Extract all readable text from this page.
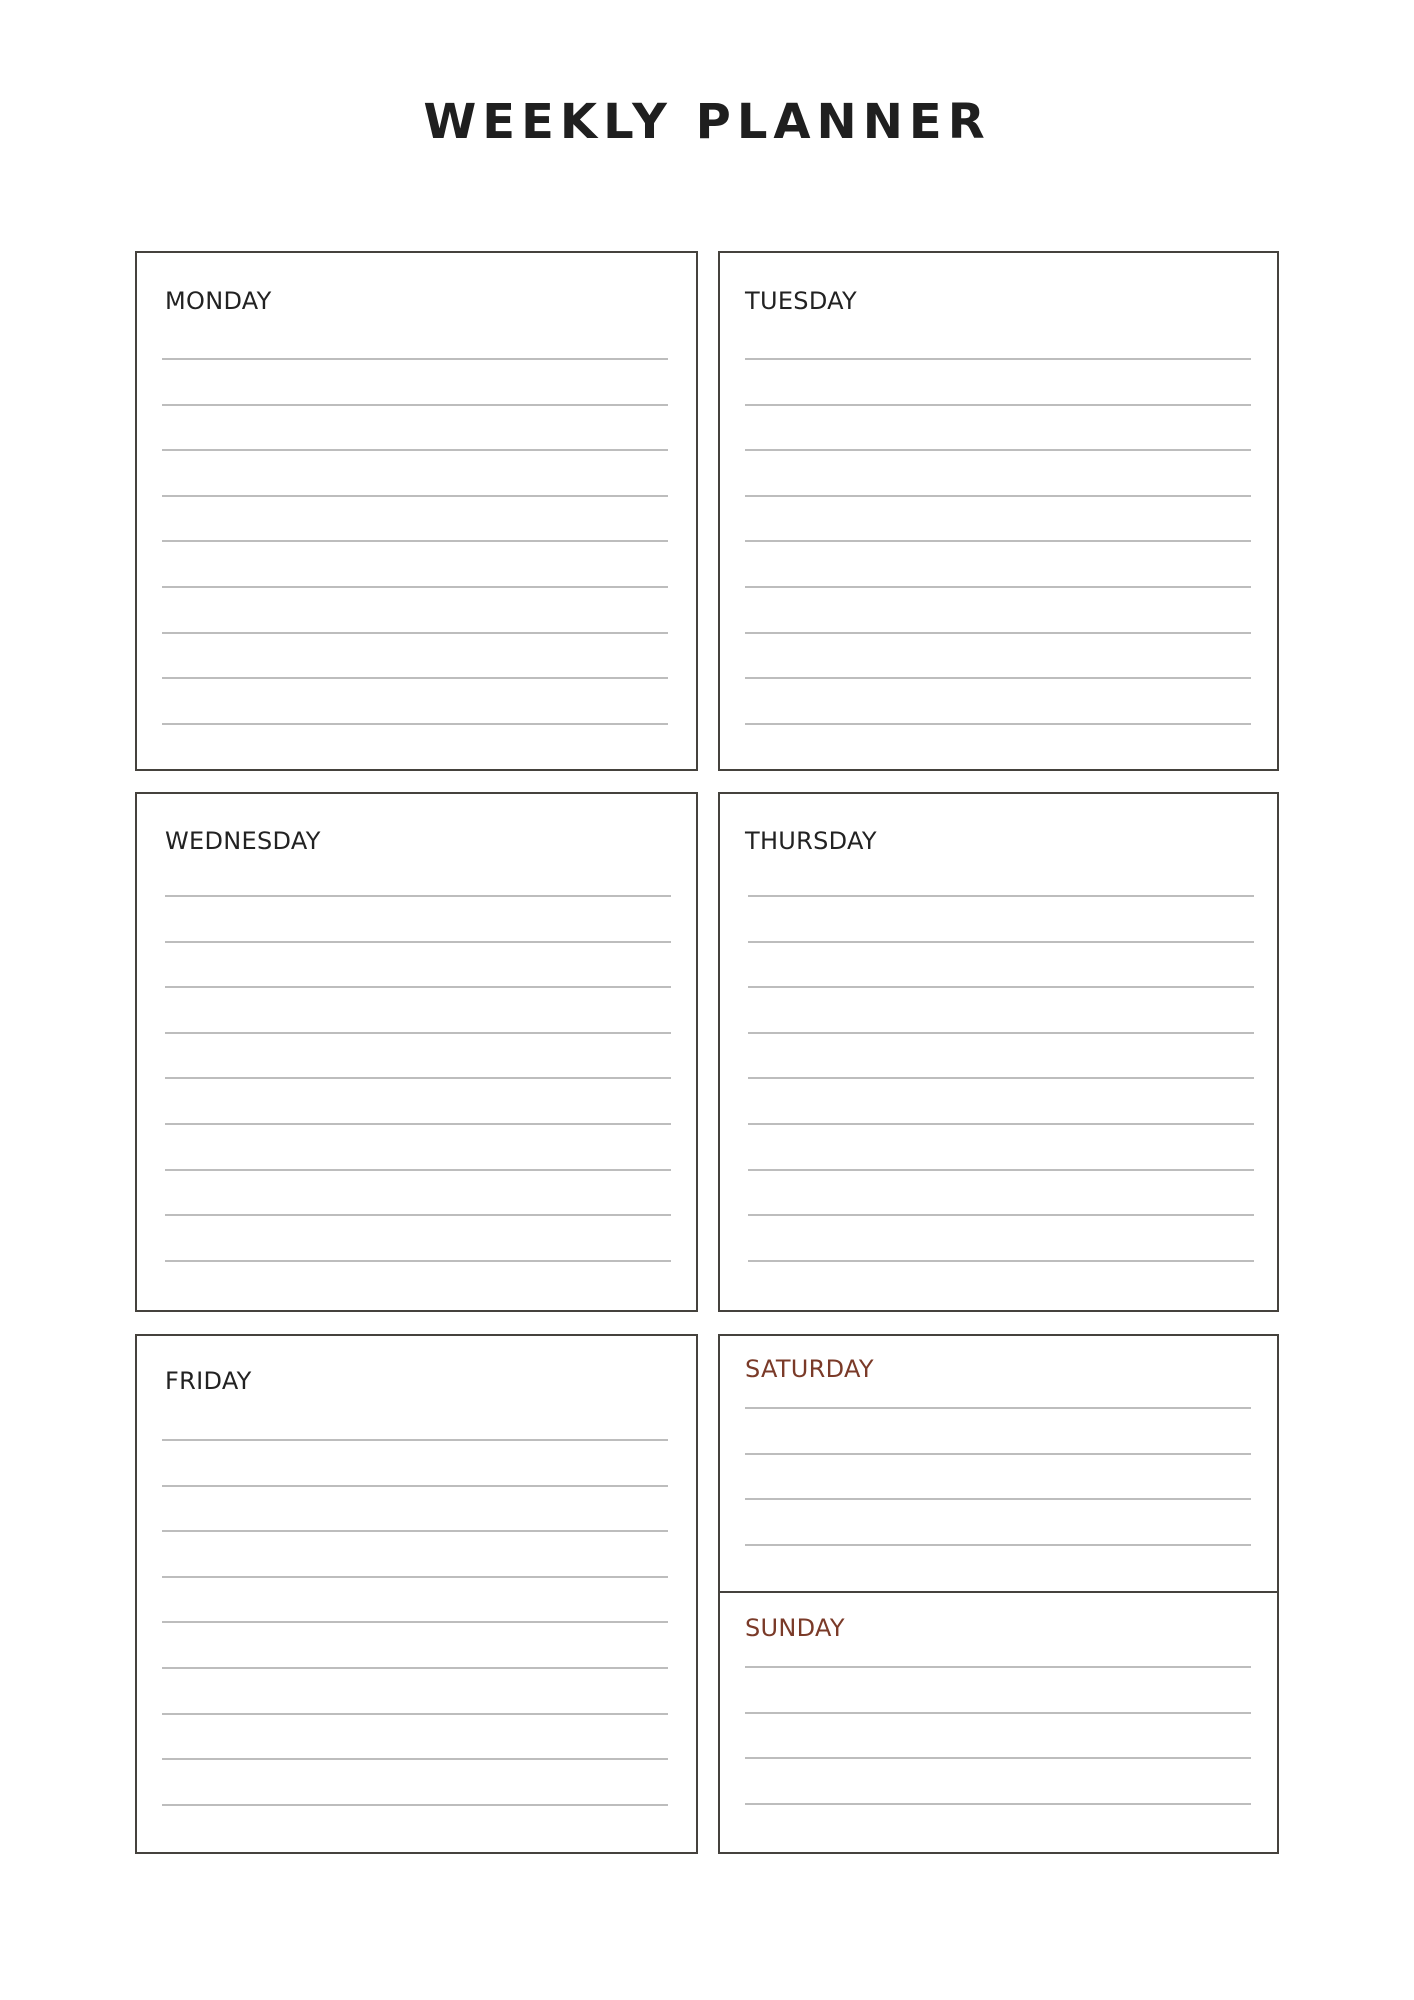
WEEKLY PLANNER
MONDAY	TUESDAY
WEDNESDAY	THURSDAY
FRIDAY	SATURDAY
SUNDAY
